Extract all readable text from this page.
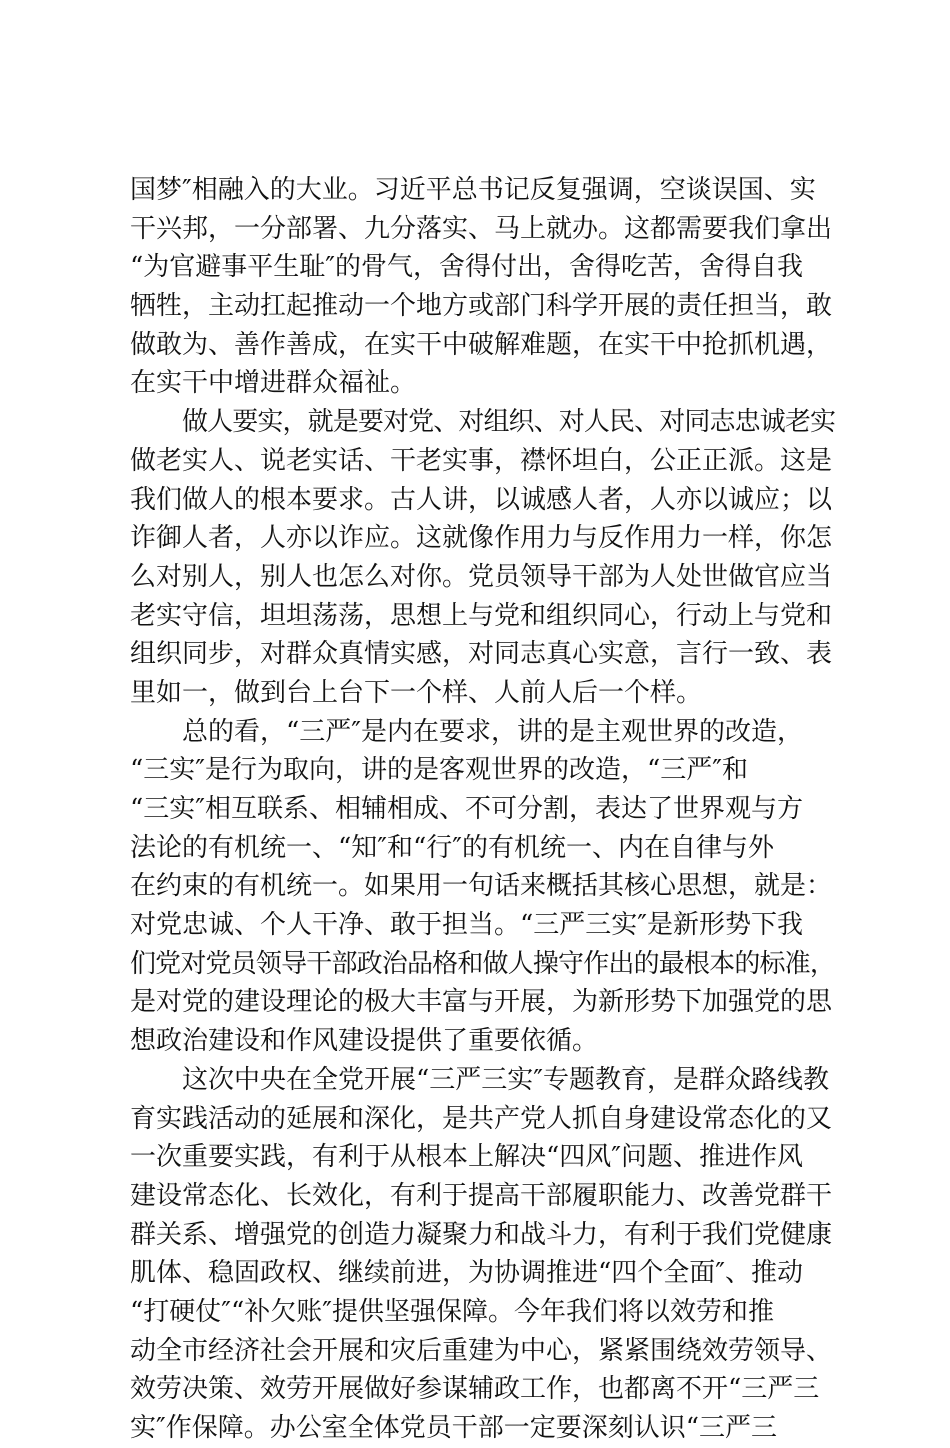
国梦″相融入的大业。习近平总书记反复强调，空谈误国、实
干兴邦，一分部署、九分落实、马上就办。这都需要我们拿出
“为官避事平生耻″的骨气，舍得付出，舍得吃苦，舍得自我
牺牲，主动扛起推动一个地方或部门科学开展的责任担当，敢
做敢为、善作善成，在实干中破解难题，在实干中抢抓机遇，
在实干中增进群众福祉。
做人要实，就是要对党、对组织、对人民、对同志忠诚老实
做老实人、说老实话、干老实事，襟怀坦白，公正正派。这是
我们做人的根本要求。古人讲，以诚感人者，人亦以诚应；以
诈御人者，人亦以诈应。这就像作用力与反作用力一样，你怎
么对别人，别人也怎么对你。党员领导干部为人处世做官应当
老实守信，坦坦荡荡，思想上与党和组织同心，行动上与党和
组织同步，对群众真情实感，对同志真心实意，言行一致、表
里如一，做到台上台下一个样、人前人后一个样。
总的看，“三严″是内在要求，讲的是主观世界的改造，
“三实″是行为取向，讲的是客观世界的改造，“三严″和
“三实″相互联系、相辅相成、不可分割，表达了世界观与方
法论的有机统一、“知″和“行″的有机统一、内在自律与外
在约束的有机统一。如果用一句话来概括其核心思想，就是：
对党忠诚、个人干净、敢于担当。“三严三实″是新形势下我
们党对党员领导干部政治品格和做人操守作出的最根本的标准，
是对党的建设理论的极大丰富与开展，为新形势下加强党的思
想政治建设和作风建设提供了重要依循。
这次中央在全党开展“三严三实″专题教育，是群众路线教
育实践活动的延展和深化，是共产党人抓自身建设常态化的又
一次重要实践，有利于从根本上解决“四风″问题、推进作风
建设常态化、长效化，有利于提高干部履职能力、改善党群干
群关系、增强党的创造力凝聚力和战斗力，有利于我们党健康
肌体、稳固政权、继续前进，为协调推进“四个全面″、推动
“打硬仗″“补欠账″提供坚强保障。今年我们将以效劳和推
动全市经济社会开展和灾后重建为中心，紧紧围绕效劳领导、
效劳决策、效劳开展做好参谋辅政工作，也都离不开“三严三
实″作保障。办公室全体党员干部一定要深刻认识“三严三
